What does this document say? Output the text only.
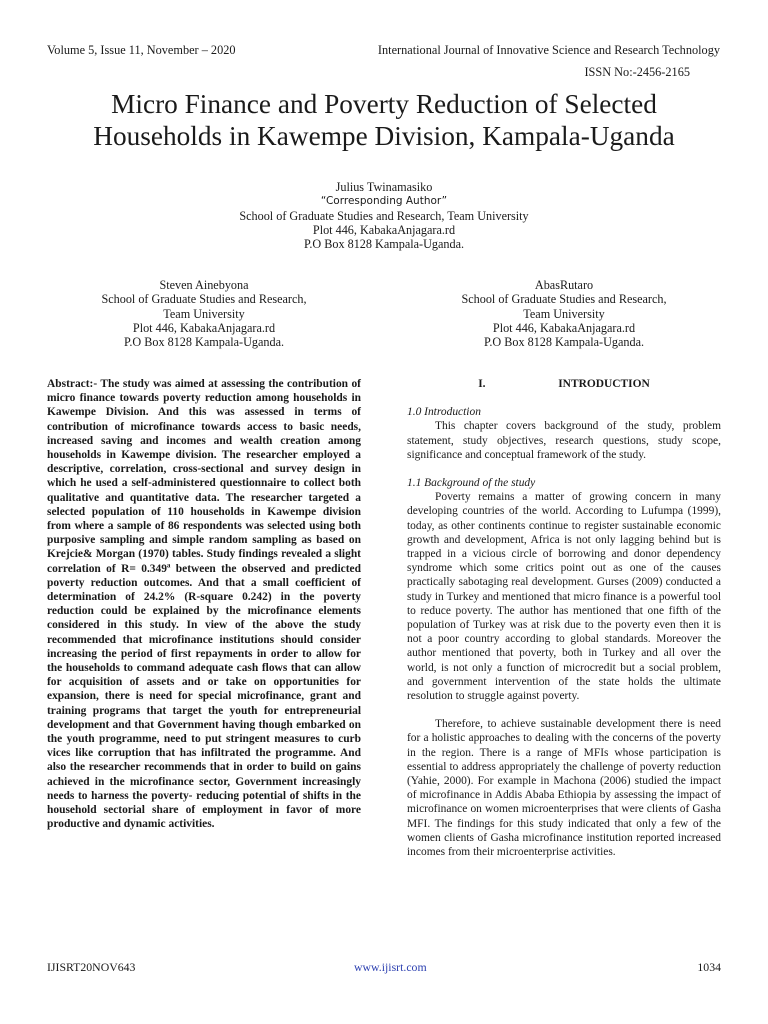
Volume 5, Issue 11, November – 2020	International Journal of Innovative Science and Research Technology
ISSN No:-2456-2165
Micro Finance and Poverty Reduction of Selected
Households in Kawempe Division, Kampala-Uganda
Julius Twinamasiko
“Corresponding Author”
School of Graduate Studies and Research, Team University
Plot 446, KabakaAnjagara.rd
P.O Box 8128 Kampala-Uganda.
Steven Ainebyona
School of Graduate Studies and Research,
Team University
Plot 446, KabakaAnjagara.rd
P.O Box 8128 Kampala-Uganda.
AbasRutaro
School of Graduate Studies and Research,
Team University
Plot 446, KabakaAnjagara.rd
P.O Box 8128 Kampala-Uganda.

Abstract:- The study was aimed at assessing the contribution of micro finance towards poverty reduction among households in Kawempe Division. And this was assessed in terms of contribution of microfinance towards access to basic needs, increased saving and incomes and wealth creation among households in Kawempe division. The researcher employed a descriptive, correlation, cross-sectional and survey design in which he used a self-administered questionnaire to collect both qualitative and quantitative data. The researcher targeted a selected population of 110 households in Kawempe division from where a sample of 86 respondents was selected using both purposive sampling and simple random sampling as based on Krejcie& Morgan (1970) tables. Study findings revealed a slight correlation of R= 0.349ª between the observed and predicted poverty reduction outcomes. And that a small coefficient of determination of 24.2% (R-square 0.242) in the poverty reduction could be explained by the microfinance elements considered in this study. In view of the above the study recommended that microfinance institutions should consider increasing the period of first repayments in order to allow for the households to command adequate cash flows that can allow for acquisition of assets and or take on opportunities for expansion, there is need for special microfinance, grant and training programs that target the youth for entrepreneurial development and that Government having though embarked on the youth programme, need to put stringent measures to curb vices like corruption that has infiltrated the programme. And also the researcher recommends that in order to build on gains achieved in the microfinance sector, Government increasingly needs to harness the poverty- reducing potential of shifts in the household sectorial share of employment in favor of more productive and dynamic activities.

I.	INTRODUCTION

1.0 Introduction

This chapter covers background of the study, problem statement, study objectives, research questions, study scope, significance and conceptual framework of the study.

1.1 Background of the study

Poverty remains a matter of growing concern in many developing countries of the world. According to Lufumpa (1999), today, as other continents continue to register sustainable economic growth and development, Africa is not only lagging behind but is trapped in a vicious circle of borrowing and donor dependency syndrome which some critics point out as one of the causes practically sabotaging real development. Gurses (2009) conducted a study in Turkey and mentioned that micro finance is a powerful tool to reduce poverty. The author has mentioned that one fifth of the population of Turkey was at risk due to the poverty even then it is not a poor country according to global standards. Moreover the author mentioned that poverty, both in Turkey and all over the world, is not only a function of microcredit but a social problem, and government intervention of the state holds the ultimate resolution to struggle against poverty.

Therefore, to achieve sustainable development there is need for a holistic approaches to dealing with the concerns of the poverty in the region. There is a range of MFIs whose participation is essential to address appropriately the challenge of poverty reduction (Yahie, 2000). For example in Machona (2006) studied the impact of microfinance in Addis Ababa Ethiopia by assessing the impact of microfinance on women microenterprises that were clients of Gasha MFI. The findings for this study indicated that only a few of the women clients of Gasha microfinance institution reported increased incomes from their microenterprise activities.

IJISRT20NOV643	www.ijisrt.com	1034
